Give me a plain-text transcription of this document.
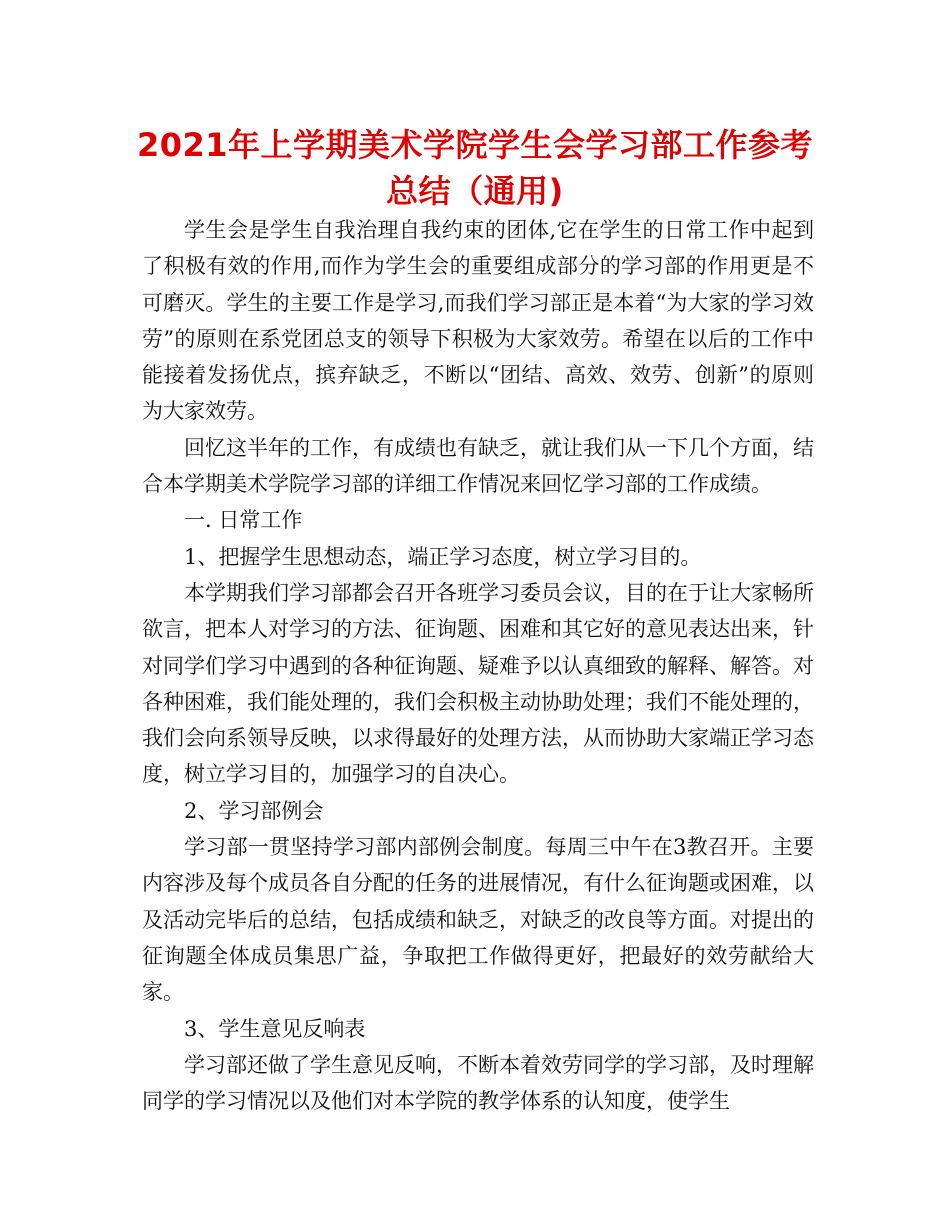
2021年上学期美术学院学生会学习部工作参考
总结（通用)

学生会是学生自我治理自我约束的团体,它在学生的日常工作中起到了积极有效的作用,而作为学生会的重要组成部分的学习部的作用更是不可磨灭。学生的主要工作是学习,而我们学习部正是本着“为大家的学习效劳”的原则在系党团总支的领导下积极为大家效劳。希望在以后的工作中能接着发扬优点，摈弃缺乏，不断以“团结、高效、效劳、创新”的原则为大家效劳。

回忆这半年的工作，有成绩也有缺乏，就让我们从一下几个方面，结合本学期美术学院学习部的详细工作情况来回忆学习部的工作成绩。

一. 日常工作

1、把握学生思想动态，端正学习态度，树立学习目的。

本学期我们学习部都会召开各班学习委员会议，目的在于让大家畅所欲言，把本人对学习的方法、征询题、困难和其它好的意见表达出来，针对同学们学习中遇到的各种征询题、疑难予以认真细致的解释、解答。对各种困难，我们能处理的，我们会积极主动协助处理；我们不能处理的，我们会向系领导反映，以求得最好的处理方法，从而协助大家端正学习态度，树立学习目的，加强学习的自决心。

2、学习部例会

学习部一贯坚持学习部内部例会制度。每周三中午在3教召开。主要内容涉及每个成员各自分配的任务的进展情况，有什么征询题或困难，以及活动完毕后的总结，包括成绩和缺乏，对缺乏的改良等方面。对提出的征询题全体成员集思广益，争取把工作做得更好，把最好的效劳献给大家。

3、学生意见反响表

学习部还做了学生意见反响，不断本着效劳同学的学习部，及时理解同学的学习情况以及他们对本学院的教学体系的认知度，使学生
